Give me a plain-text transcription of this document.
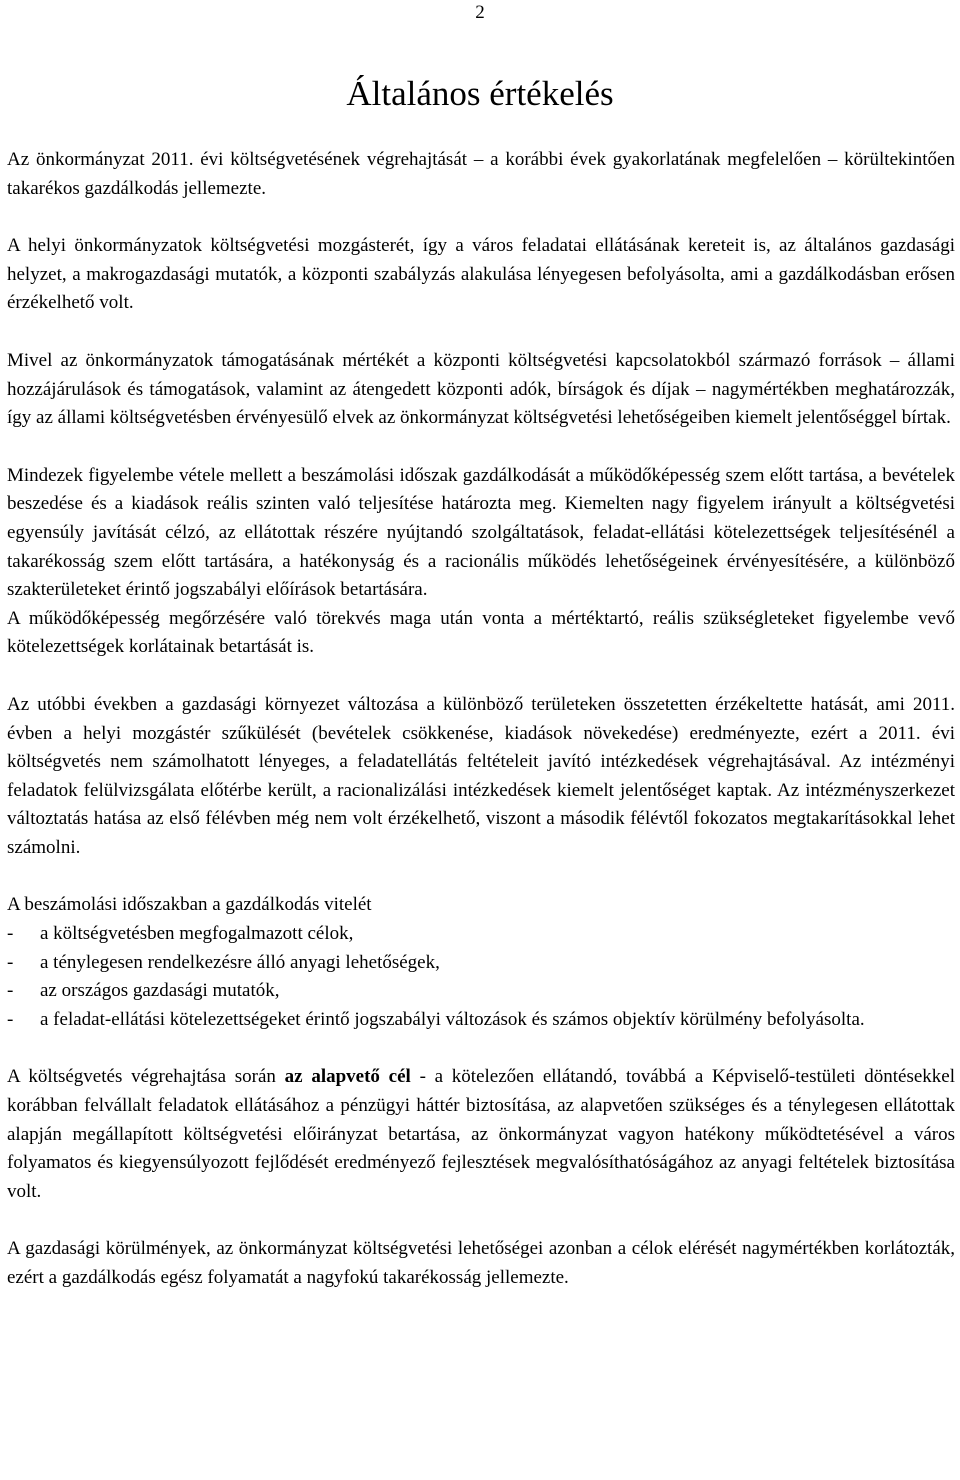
2
Általános értékelés

Az önkormányzat 2011. évi költségvetésének végrehajtását – a korábbi évek gyakorlatának megfelelően – körültekintően takarékos gazdálkodás jellemezte.

A helyi önkormányzatok költségvetési mozgásterét, így a város feladatai ellátásának kereteit is, az általános gazdasági helyzet, a makrogazdasági mutatók, a központi szabályzás alakulása lényegesen befolyásolta, ami a gazdálkodásban erősen érzékelhető volt.

Mivel az önkormányzatok támogatásának mértékét a központi költségvetési kapcsolatokból származó források – állami hozzájárulások és támogatások, valamint az átengedett központi adók, bírságok és díjak – nagymértékben meghatározzák, így az állami költségvetésben érvényesülő elvek az önkormányzat költségvetési lehetőségeiben kiemelt jelentőséggel bírtak.

Mindezek figyelembe vétele mellett a beszámolási időszak gazdálkodását a működőképesség szem előtt tartása, a bevételek beszedése és a kiadások reális szinten való teljesítése határozta meg. Kiemelten nagy figyelem irányult a költségvetési egyensúly javítását célzó, az ellátottak részére nyújtandó szolgáltatások, feladat-ellátási kötelezettségek teljesítésénél a takarékosság szem előtt tartására, a hatékonyság és a racionális működés lehetőségeinek érvényesítésére, a különböző szakterületeket érintő jogszabályi előírások betartására.

A működőképesség megőrzésére való törekvés maga után vonta a mértéktartó, reális szükségleteket figyelembe vevő kötelezettségek korlátainak betartását is.

Az utóbbi években a gazdasági környezet változása a különböző területeken összetetten érzékeltette hatását, ami 2011. évben a helyi mozgástér szűkülését (bevételek csökkenése, kiadások növekedése) eredményezte, ezért a 2011. évi költségvetés nem számolhatott lényeges, a feladatellátás feltételeit javító intézkedések végrehajtásával. Az intézményi feladatok felülvizsgálata előtérbe került, a racionalizálási intézkedések kiemelt jelentőséget kaptak. Az intézményszerkezet változtatás hatása az első félévben még nem volt érzékelhető, viszont a második félévtől fokozatos megtakarításokkal lehet számolni.

A beszámolási időszakban a gazdálkodás vitelét

- a költségvetésben megfogalmazott célok,
- a ténylegesen rendelkezésre álló anyagi lehetőségek,
- az országos gazdasági mutatók,
- a feladat-ellátási kötelezettségeket érintő jogszabályi változások és számos objektív körülmény befolyásolta.

A költségvetés végrehajtása során az alapvető cél - a kötelezően ellátandó, továbbá a Képviselő-testületi döntésekkel korábban felvállalt feladatok ellátásához a pénzügyi háttér biztosítása, az alapvetően szükséges és a ténylegesen ellátottak alapján megállapított költségvetési előirányzat betartása, az önkormányzat vagyon hatékony működtetésével a város folyamatos és kiegyensúlyozott fejlődését eredményező fejlesztések megvalósíthatóságához az anyagi feltételek biztosítása volt.

A gazdasági körülmények, az önkormányzat költségvetési lehetőségei azonban a célok elérését nagymértékben korlátozták, ezért a gazdálkodás egész folyamatát a nagyfokú takarékosság jellemezte.
